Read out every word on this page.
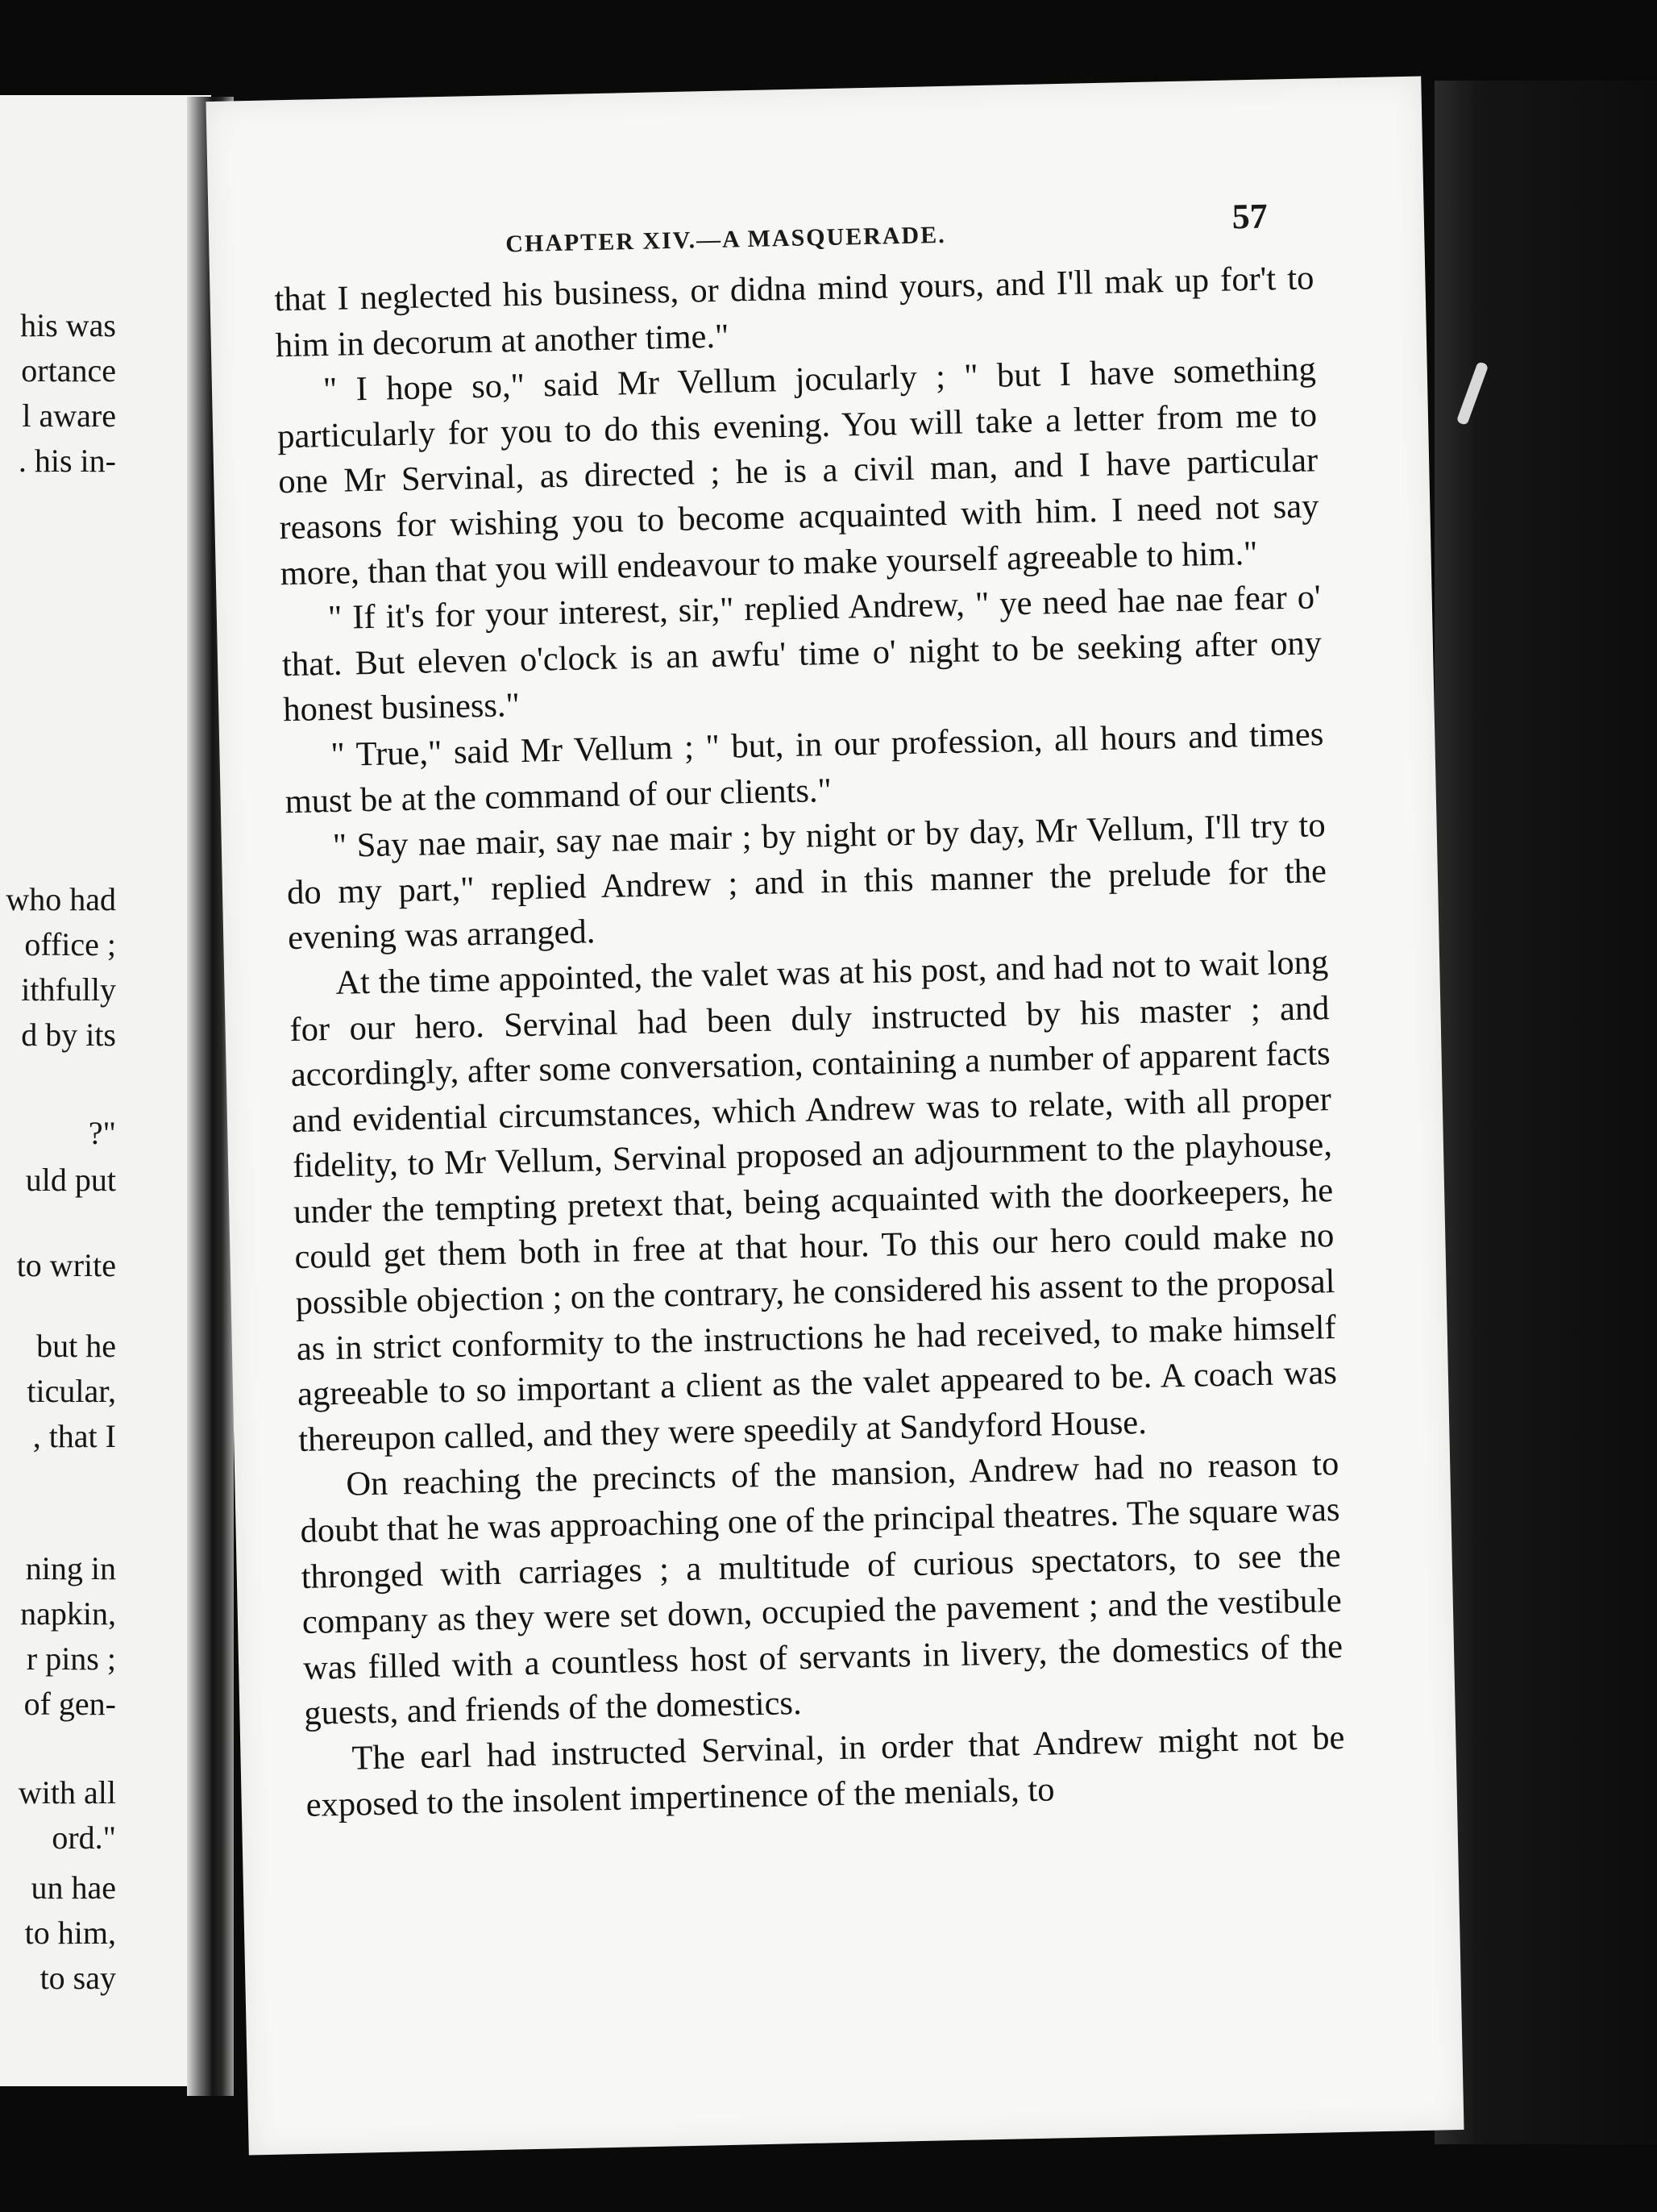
his was
ortance
l aware
. his in-
who had
office ;
ithfully
d by its
?"
uld put
to write
but he
ticular,
, that I
ning in
napkin,
r pins ;
of gen-
with all
ord."
un hae
to him,
to say
CHAPTER XIV.—A MASQUERADE.
57

that I neglected his business, or didna mind yours, and I'll mak up for't to him in decorum at another time."

" I hope so," said Mr Vellum jocularly ; " but I have something particularly for you to do this evening. You will take a letter from me to one Mr Servinal, as directed ; he is a civil man, and I have particular reasons for wishing you to become acquainted with him. I need not say more, than that you will endeavour to make yourself agreeable to him."

" If it's for your interest, sir," replied Andrew, " ye need hae nae fear o' that. But eleven o'clock is an awfu' time o' night to be seeking after ony honest business."

" True," said Mr Vellum ; " but, in our profession, all hours and times must be at the command of our clients."

" Say nae mair, say nae mair ; by night or by day, Mr Vellum, I'll try to do my part," replied Andrew ; and in this manner the prelude for the evening was arranged.

At the time appointed, the valet was at his post, and had not to wait long for our hero. Servinal had been duly instructed by his master ; and accordingly, after some conversation, containing a number of apparent facts and evidential circumstances, which Andrew was to relate, with all proper fidelity, to Mr Vellum, Servinal proposed an adjournment to the playhouse, under the tempting pretext that, being acquainted with the doorkeepers, he could get them both in free at that hour. To this our hero could make no possible objection ; on the contrary, he considered his assent to the proposal as in strict conformity to the instructions he had received, to make himself agreeable to so important a client as the valet appeared to be. A coach was thereupon called, and they were speedily at Sandyford House.

On reaching the precincts of the mansion, Andrew had no reason to doubt that he was approaching one of the principal theatres. The square was thronged with carriages ; a multitude of curious spectators, to see the company as they were set down, occupied the pavement ; and the vestibule was filled with a countless host of servants in livery, the domestics of the guests, and friends of the domestics.

The earl had instructed Servinal, in order that Andrew might not be exposed to the insolent impertinence of the menials, to
